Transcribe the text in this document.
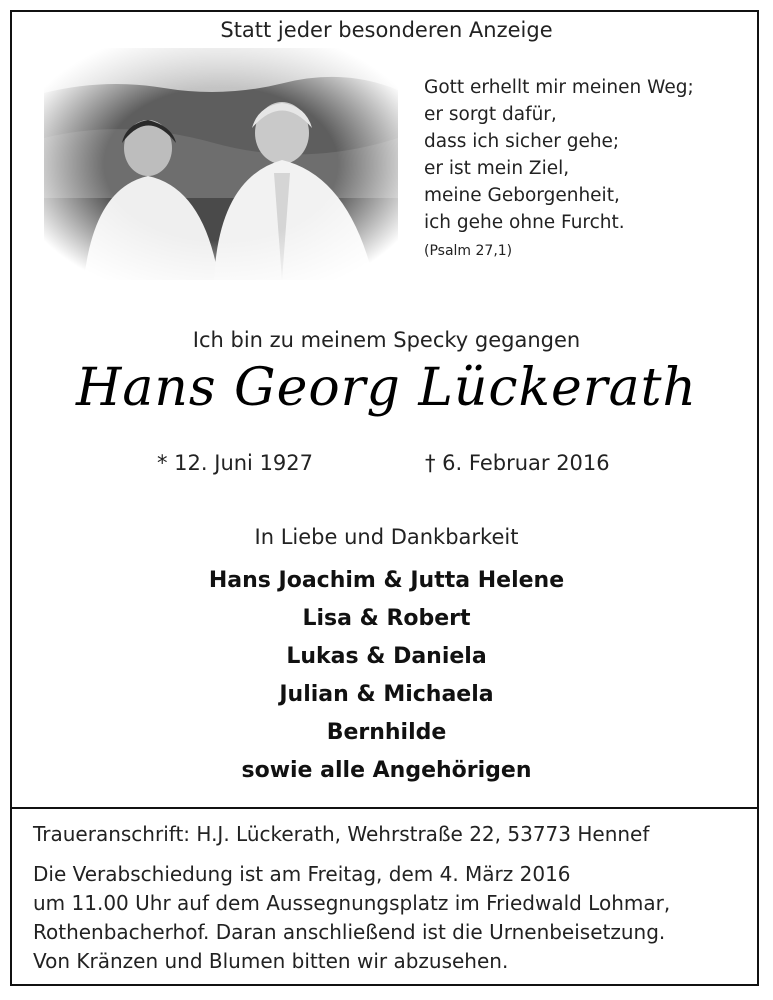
Statt jeder besonderen Anzeige
Gott erhellt mir meinen Weg;
er sorgt dafür,
dass ich sicher gehe;
er ist mein Ziel,
meine Geborgenheit,
ich gehe ohne Furcht.
(Psalm 27,1)
Ich bin zu meinem Specky gegangen
Hans Georg Lückerath
* 12. Juni 1927	† 6. Februar 2016
In Liebe und Dankbarkeit
Hans Joachim & Jutta Helene
Lisa & Robert
Lukas & Daniela
Julian & Michaela
Bernhilde
sowie alle Angehörigen
Traueranschrift: H.J. Lückerath, Wehrstraße 22, 53773 Hennef
Die Verabschiedung ist am Freitag, dem 4. März 2016
um 11.00 Uhr auf dem Aussegnungsplatz im Friedwald Lohmar,
Rothenbacherhof. Daran anschließend ist die Urnenbeisetzung.
Von Kränzen und Blumen bitten wir abzusehen.
